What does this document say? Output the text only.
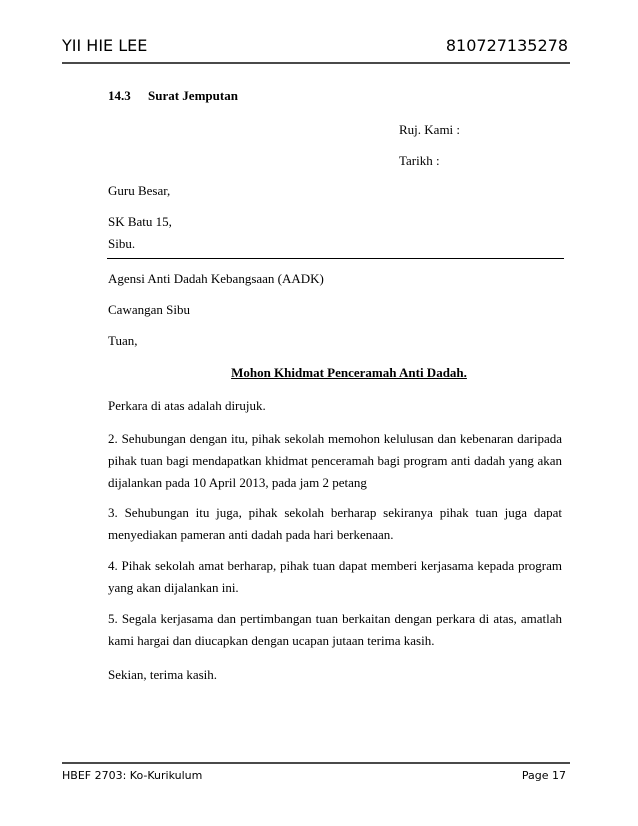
YII HIE LEE	810727135278
14.3 Surat Jemputan
Ruj. Kami :
Tarikh :
Guru Besar,
SK Batu 15,
Sibu.
Agensi Anti Dadah Kebangsaan (AADK)
Cawangan Sibu
Tuan,
Mohon Khidmat Penceramah Anti Dadah.
Perkara di atas adalah dirujuk.
2. Sehubungan dengan itu, pihak sekolah memohon kelulusan dan kebenaran daripada pihak tuan bagi mendapatkan khidmat penceramah bagi program anti dadah yang akan dijalankan pada 10 April 2013, pada jam 2 petang
3. Sehubungan itu juga, pihak sekolah berharap sekiranya pihak tuan juga dapat menyediakan pameran anti dadah pada hari berkenaan.
4. Pihak sekolah amat berharap, pihak tuan dapat memberi kerjasama kepada program yang akan dijalankan ini.
5. Segala kerjasama dan pertimbangan tuan berkaitan dengan perkara di atas, amatlah kami hargai dan diucapkan dengan ucapan jutaan terima kasih.
Sekian, terima kasih.
HBEF 2703: Ko-Kurikulum	Page 17
